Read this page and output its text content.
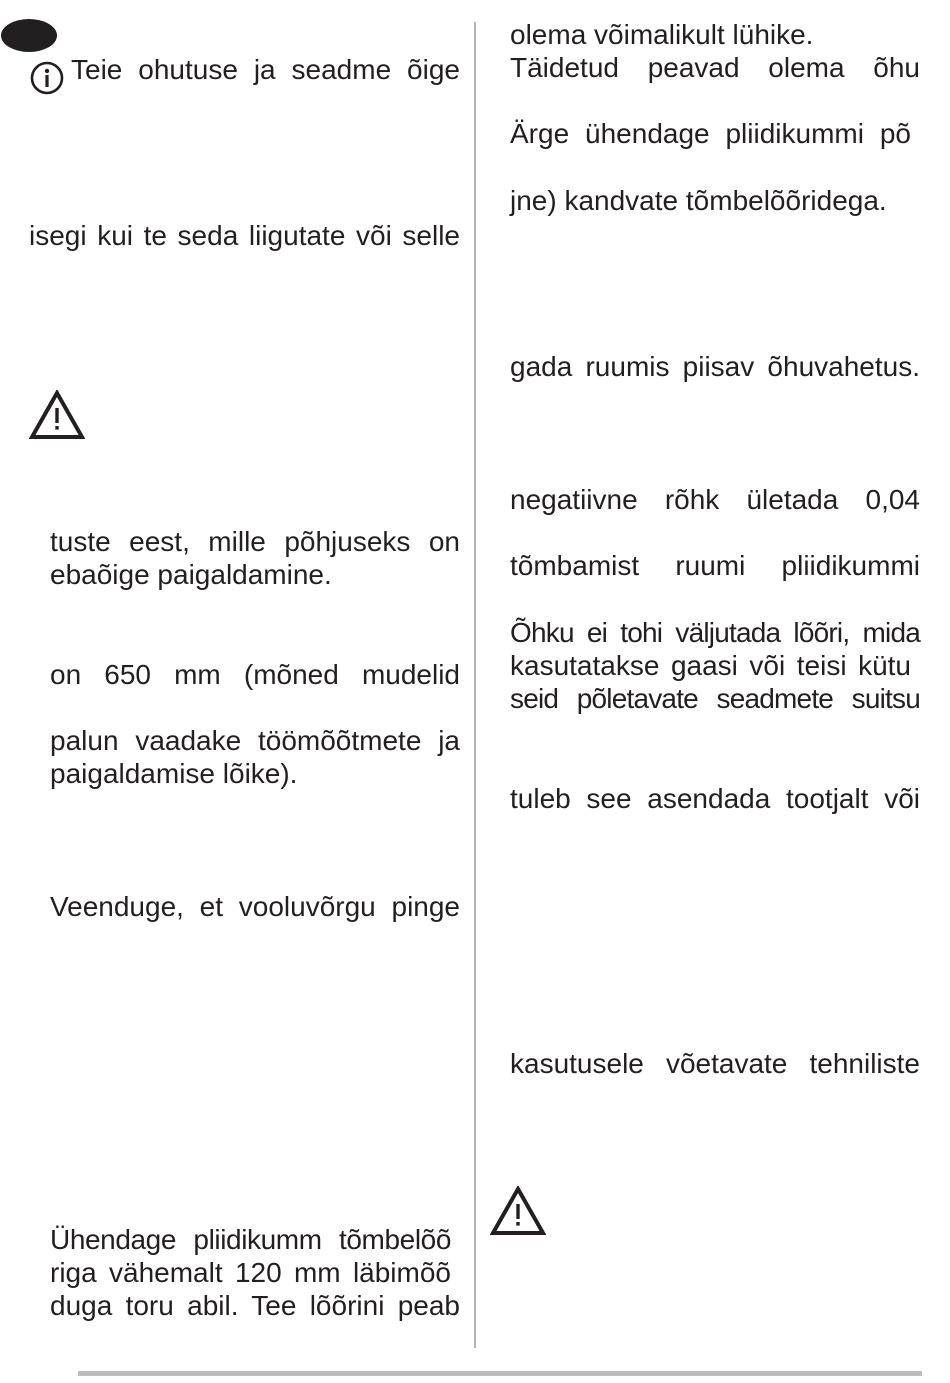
Teie ohutuse ja seadme õige

isegi kui te seda liigutate või selle

tuste eest, mille põhjuseks on

ebaõige paigaldamine.

on 650 mm (mõned mudelid

palun vaadake töömõõtmete ja

paigaldamise lõike).

Veenduge, et vooluvõrgu pinge

Ühendage pliidikumm tõmbelõõ

riga vähemalt 120 mm läbimõõ

duga toru abil. Tee lõõrini peab

olema võimalikult lühike.

Täidetud peavad olema õhu

Ärge ühendage pliidikummi põ

jne) kandvate tõmbelõõridega.

gada ruumis piisav õhuvahetus.

negatiivne rõhk ületada 0,04

tõmbamist ruumi pliidikummi

Õhku ei tohi väljutada lõõri, mida

kasutatakse gaasi või teisi kütu

seid põletavate seadmete suitsu

tuleb see asendada tootjalt või

kasutusele võetavate tehniliste
